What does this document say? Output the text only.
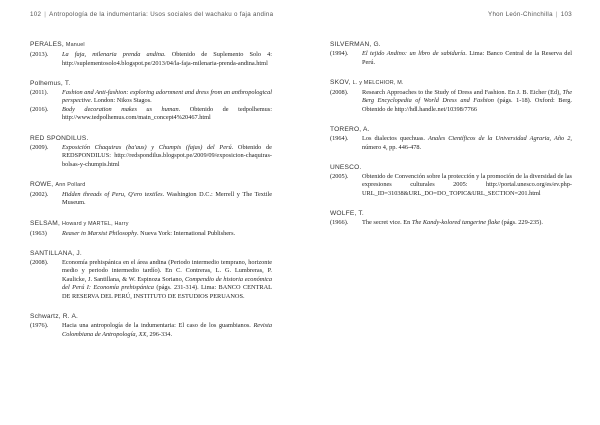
102 | Antropología de la indumentaria: Usos sociales del wachaku o faja andina	Yhon León-Chinchilla | 103
PERALES, Manuel
(2013).	La faja, milenaria prenda andina. Obtenido de Suplemento Solo 4: http://suplementosolo4.blogspot.pe/2013/04/la-faja-milenaria-prenda-andina.html
Polhemus, T.
(2011).	Fashion and Anti-fashion: exploring adornment and dress from an anthropological perspective. London: Nikos Stagos.
(2016).	Body decoration makes us human. Obtenido de tedpolhemus: http://www.tedpolhemus.com/main_concept4%20467.html
RED SPONDILUS.
(2009).	Exposición Chaquiras (ba'aus) y Chumpis (fajas) del Perú. Obtenido de REDSPONDILUS: http://redspondilus.blogspot.pe/2009/09/exposicion-chaquiras-bolsas-y-chumpis.html
ROWE, Ann Pollard
(2002).	Hidden threads of Peru, Q'ero textiles. Washington D.C.: Merrell y The Textile Museum.
SELSAM, Howard y MARTEL, Harry
(1963)	Reaser in Marxist Philosophy. Nueva York: International Publishers.
SANTILLANA, J.
(2008).	Economía prehispánica en el área andina (Periodo intermedio temprano, horizonte medio y periodo intermedio tardío). En C. Contreras, L. G. Lumbreras, P. Kaulicke, J. Santillana, & W. Espinoza Soriano, Compendio de historia económica del Perú I: Economía prehispánica (págs. 231-314). Lima: BANCO CENTRAL DE RESERVA DEL PERÚ, INSTITUTO DE ESTUDIOS PERUANOS.
Schwartz, R. A.
(1976).	Hacia una antropología de la indumentaria: El caso de los guambianos. Revista Colombiana de Antropología, XX, 296-334.
SILVERMAN, G.
(1994).	El tejido Andino: un libro de sabiduría. Lima: Banco Central de la Reserva del Perú.
SKOV, L. y MELCHIOR, M.
(2008).	Research Approaches to the Study of Dress and Fashion. En J. B. Eicher (Ed), The Berg Encyclopedia of World Dress and Fashion (págs. 1-18). Oxford: Berg. Obtenido de http://hdl.handle.net/10398/7766
TORERO, A.
(1964).	Los dialectos quechuas. Anales Científicos de la Universidad Agraria, Año 2, número 4, pp. 446-478.
UNESCO.
(2005).	Obtenido de Convención sobre la protección y la promoción de la diversidad de las expresiones culturales 2005: http://portal.unesco.org/es/ev.php-URL_ID=31038&URL_DO=DO_TOPIC&URL_SECTION=201.html
WOLFE, T.
(1966).	The secret vice. En The Kandy-kolored tangerine flake (págs. 229-235).
